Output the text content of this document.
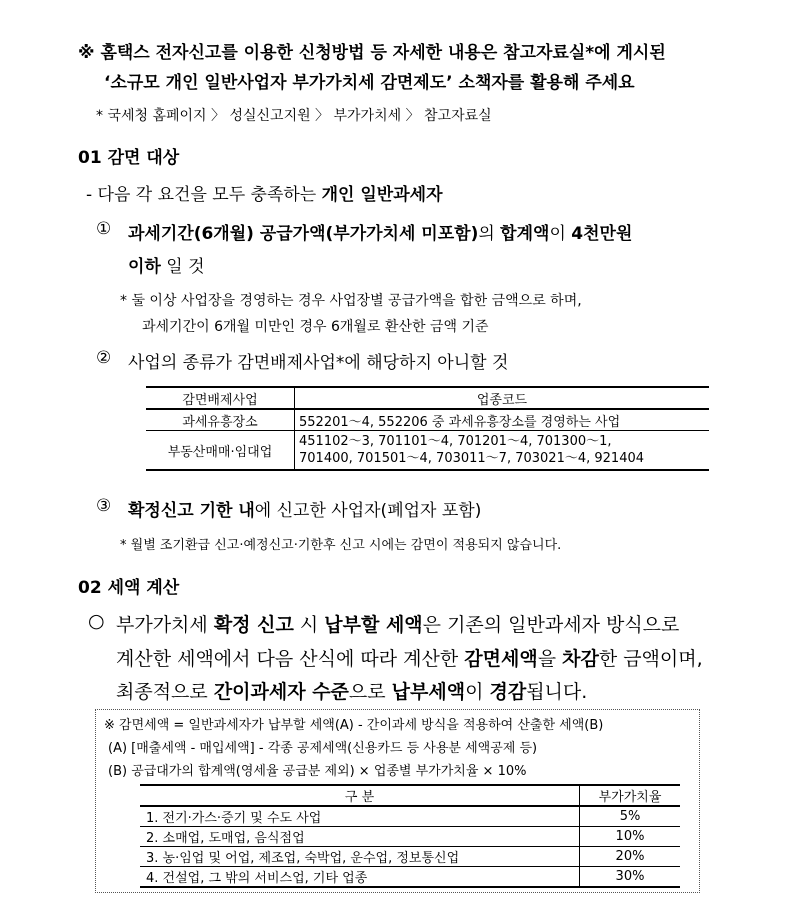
※ 홈택스 전자신고를 이용한 신청방법 등 자세한 내용은 참고자료실*에 게시된
‘소규모 개인 일반사업자 부가가치세 감면제도’ 소책자를 활용해 주세요
* 국세청 홈페이지 〉 성실신고지원 〉 부가가치세 〉 참고자료실
01 감면 대상
- 다음 각 요건을 모두 충족하는 개인 일반과세자
① 과세기간(6개월) 공급가액(부가가치세 미포함)의 합계액이 4천만원
이하 일 것
* 둘 이상 사업장을 경영하는 경우 사업장별 공급가액을 합한 금액으로 하며,
과세기간이 6개월 미만인 경우 6개월로 환산한 금액 기준
② 사업의 종류가 감면배제사업*에 해당하지 아니할 것
감면배제사업	업종코드
과세유흥장소	552201～4, 552206 중 과세유흥장소를 경영하는 사업
부동산매매·임대업	451102～3, 701101～4, 701201～4, 701300～1,
701400, 701501～4, 703011～7, 703021～4, 921404
③ 확정신고 기한 내에 신고한 사업자(폐업자 포함)
* 월별 조기환급 신고·예정신고·기한후 신고 시에는 감면이 적용되지 않습니다.
02 세액 계산
○ 부가가치세 확정 신고 시 납부할 세액은 기존의 일반과세자 방식으로
계산한 세액에서 다음 산식에 따라 계산한 감면세액을 차감한 금액이며,
최종적으로 간이과세자 수준으로 납부세액이 경감됩니다.
※ 감면세액 = 일반과세자가 납부할 세액(A) - 간이과세 방식을 적용하여 산출한 세액(B)
(A) [매출세액 - 매입세액] - 각종 공제세액(신용카드 등 사용분 세액공제 등)
(B) 공급대가의 합계액(영세율 공급분 제외) × 업종별 부가가치율 × 10%
구 분	부가가치율
1. 전기·가스·증기 및 수도 사업	5%
2. 소매업, 도매업, 음식점업	10%
3. 농·임업 및 어업, 제조업, 숙박업, 운수업, 정보통신업	20%
4. 건설업, 그 밖의 서비스업, 기타 업종	30%
